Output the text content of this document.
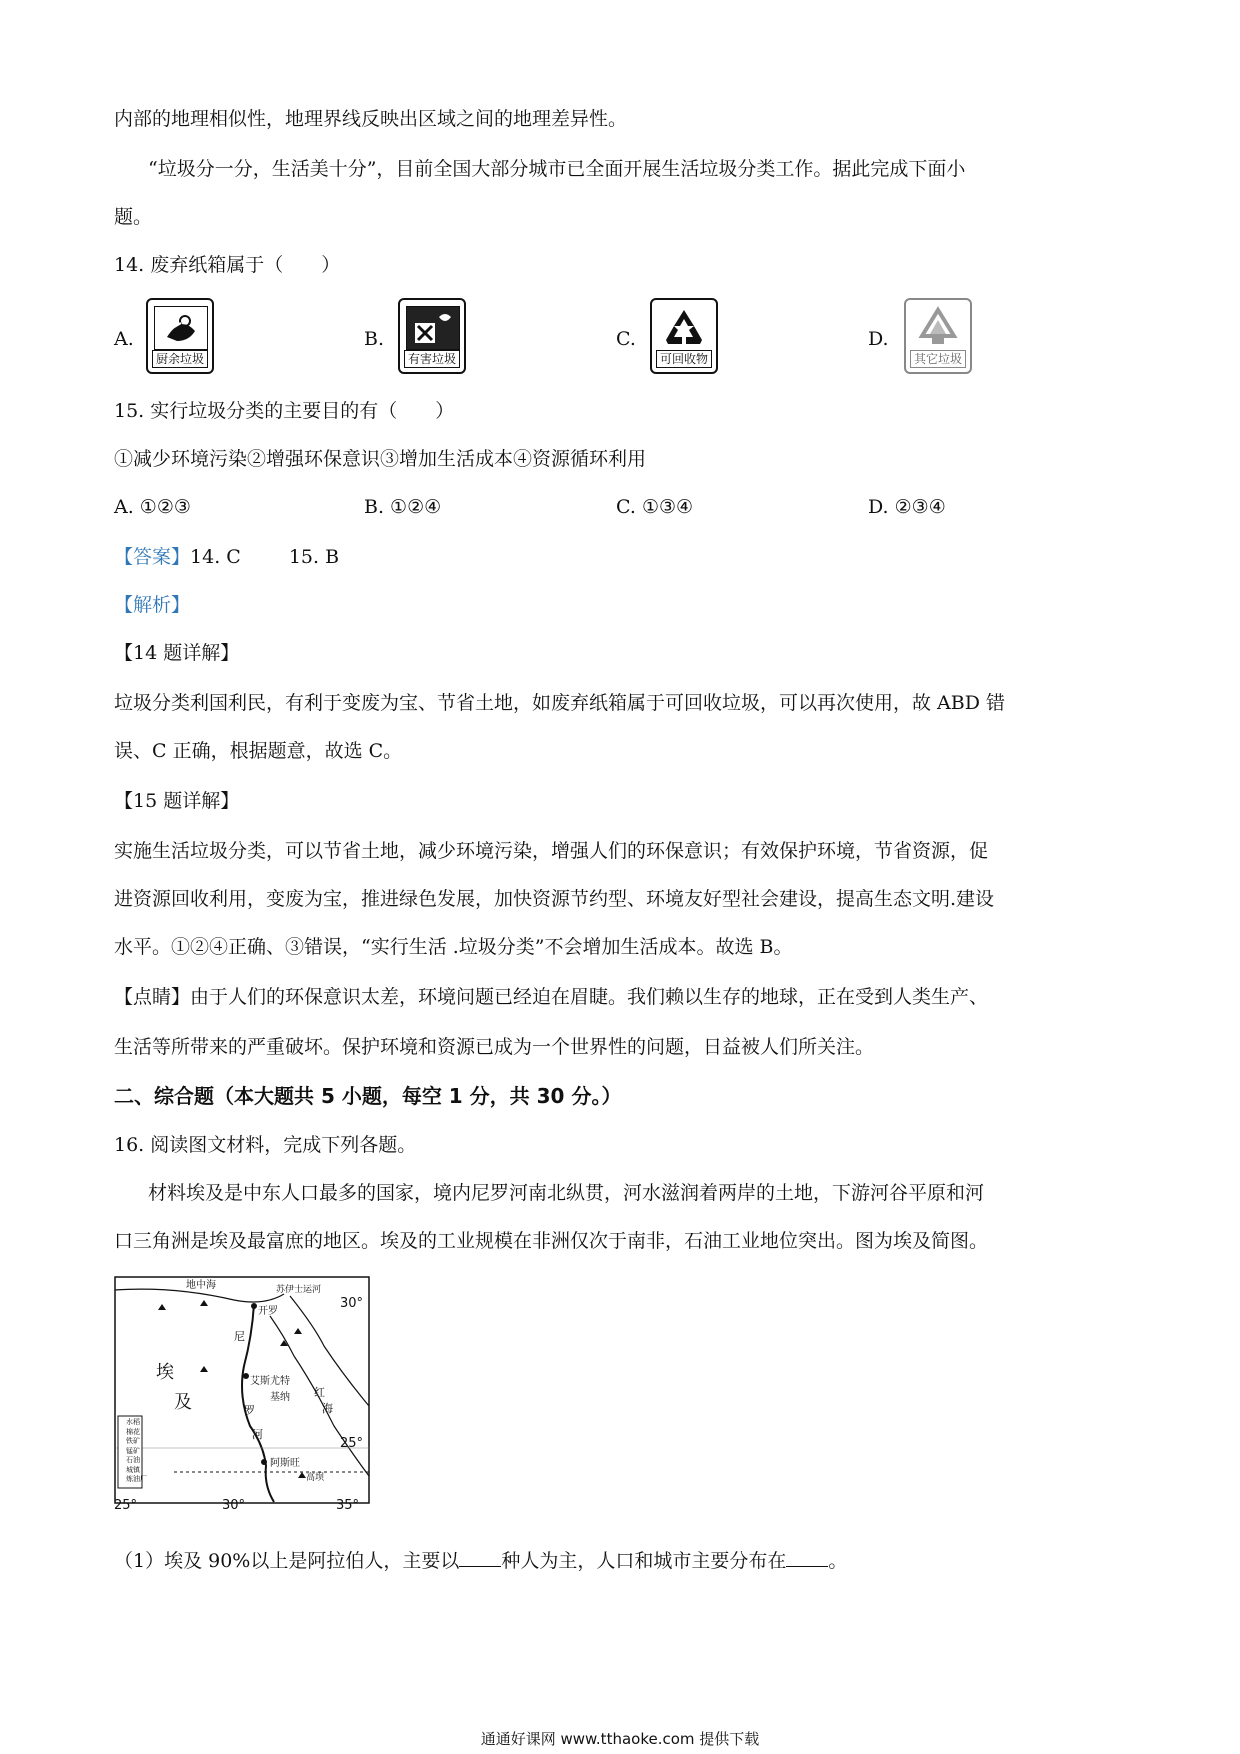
内部的地理相似性，地理界线反映出区域之间的地理差异性。
“垃圾分一分，生活美十分”，目前全国大部分城市已全面开展生活垃圾分类工作。据此完成下面小
题。
14. 废弃纸箱属于（　　）
A.
厨余垃圾
B.
有害垃圾
C.
可回收物
D.
其它垃圾
15. 实行垃圾分类的主要目的有（　　）
①减少环境污染②增强环保意识③增加生活成本④资源循环利用
A. ①②③	B. ①②④	C. ①③④	D. ②③④
【答案】14. C	15. B
【解析】
【14 题详解】
垃圾分类利国利民，有利于变废为宝、节省土地，如废弃纸箱属于可回收垃圾，可以再次使用，故 ABD 错
误、C 正确，根据题意，故选 C。
【15 题详解】
实施生活垃圾分类，可以节省土地，减少环境污染，增强人们的环保意识；有效保护环境，节省资源，促
进资源回收利用，变废为宝，推进绿色发展，加快资源节约型、环境友好型社会建设，提高生态文明.建设
水平。①②④正确、③错误，“实行生活 .垃圾分类”不会增加生活成本。故选 B。
【点睛】由于人们的环保意识太差，环境问题已经迫在眉睫。我们赖以生存的地球，正在受到人类生产、
生活等所带来的严重破坏。保护环境和资源已成为一个世界性的问题，日益被人们所关注。
二、综合题（本大题共 5 小题，每空 1 分，共 30 分。）
16. 阅读图文材料，完成下列各题。
材料埃及是中东人口最多的国家，境内尼罗河南北纵贯，河水滋润着两岸的土地，下游河谷平原和河
口三角洲是埃及最富庶的地区。埃及的工业规模在非洲仅次于南非，石油工业地位突出。图为埃及简图。
地中海	苏伊士运河
开罗
艾斯尤特
基纳
阿斯旺
高坝
埃
及
尼
罗
河
红
海
30°
25°
25°	30°	35°
水稻
棉花
铁矿
锰矿
石油
城镇
炼油厂
（1）埃及 90%以上是阿拉伯人，主要以 种人为主，人口和城市主要分布在 。
通通好课网 www.tthaoke.com 提供下载
